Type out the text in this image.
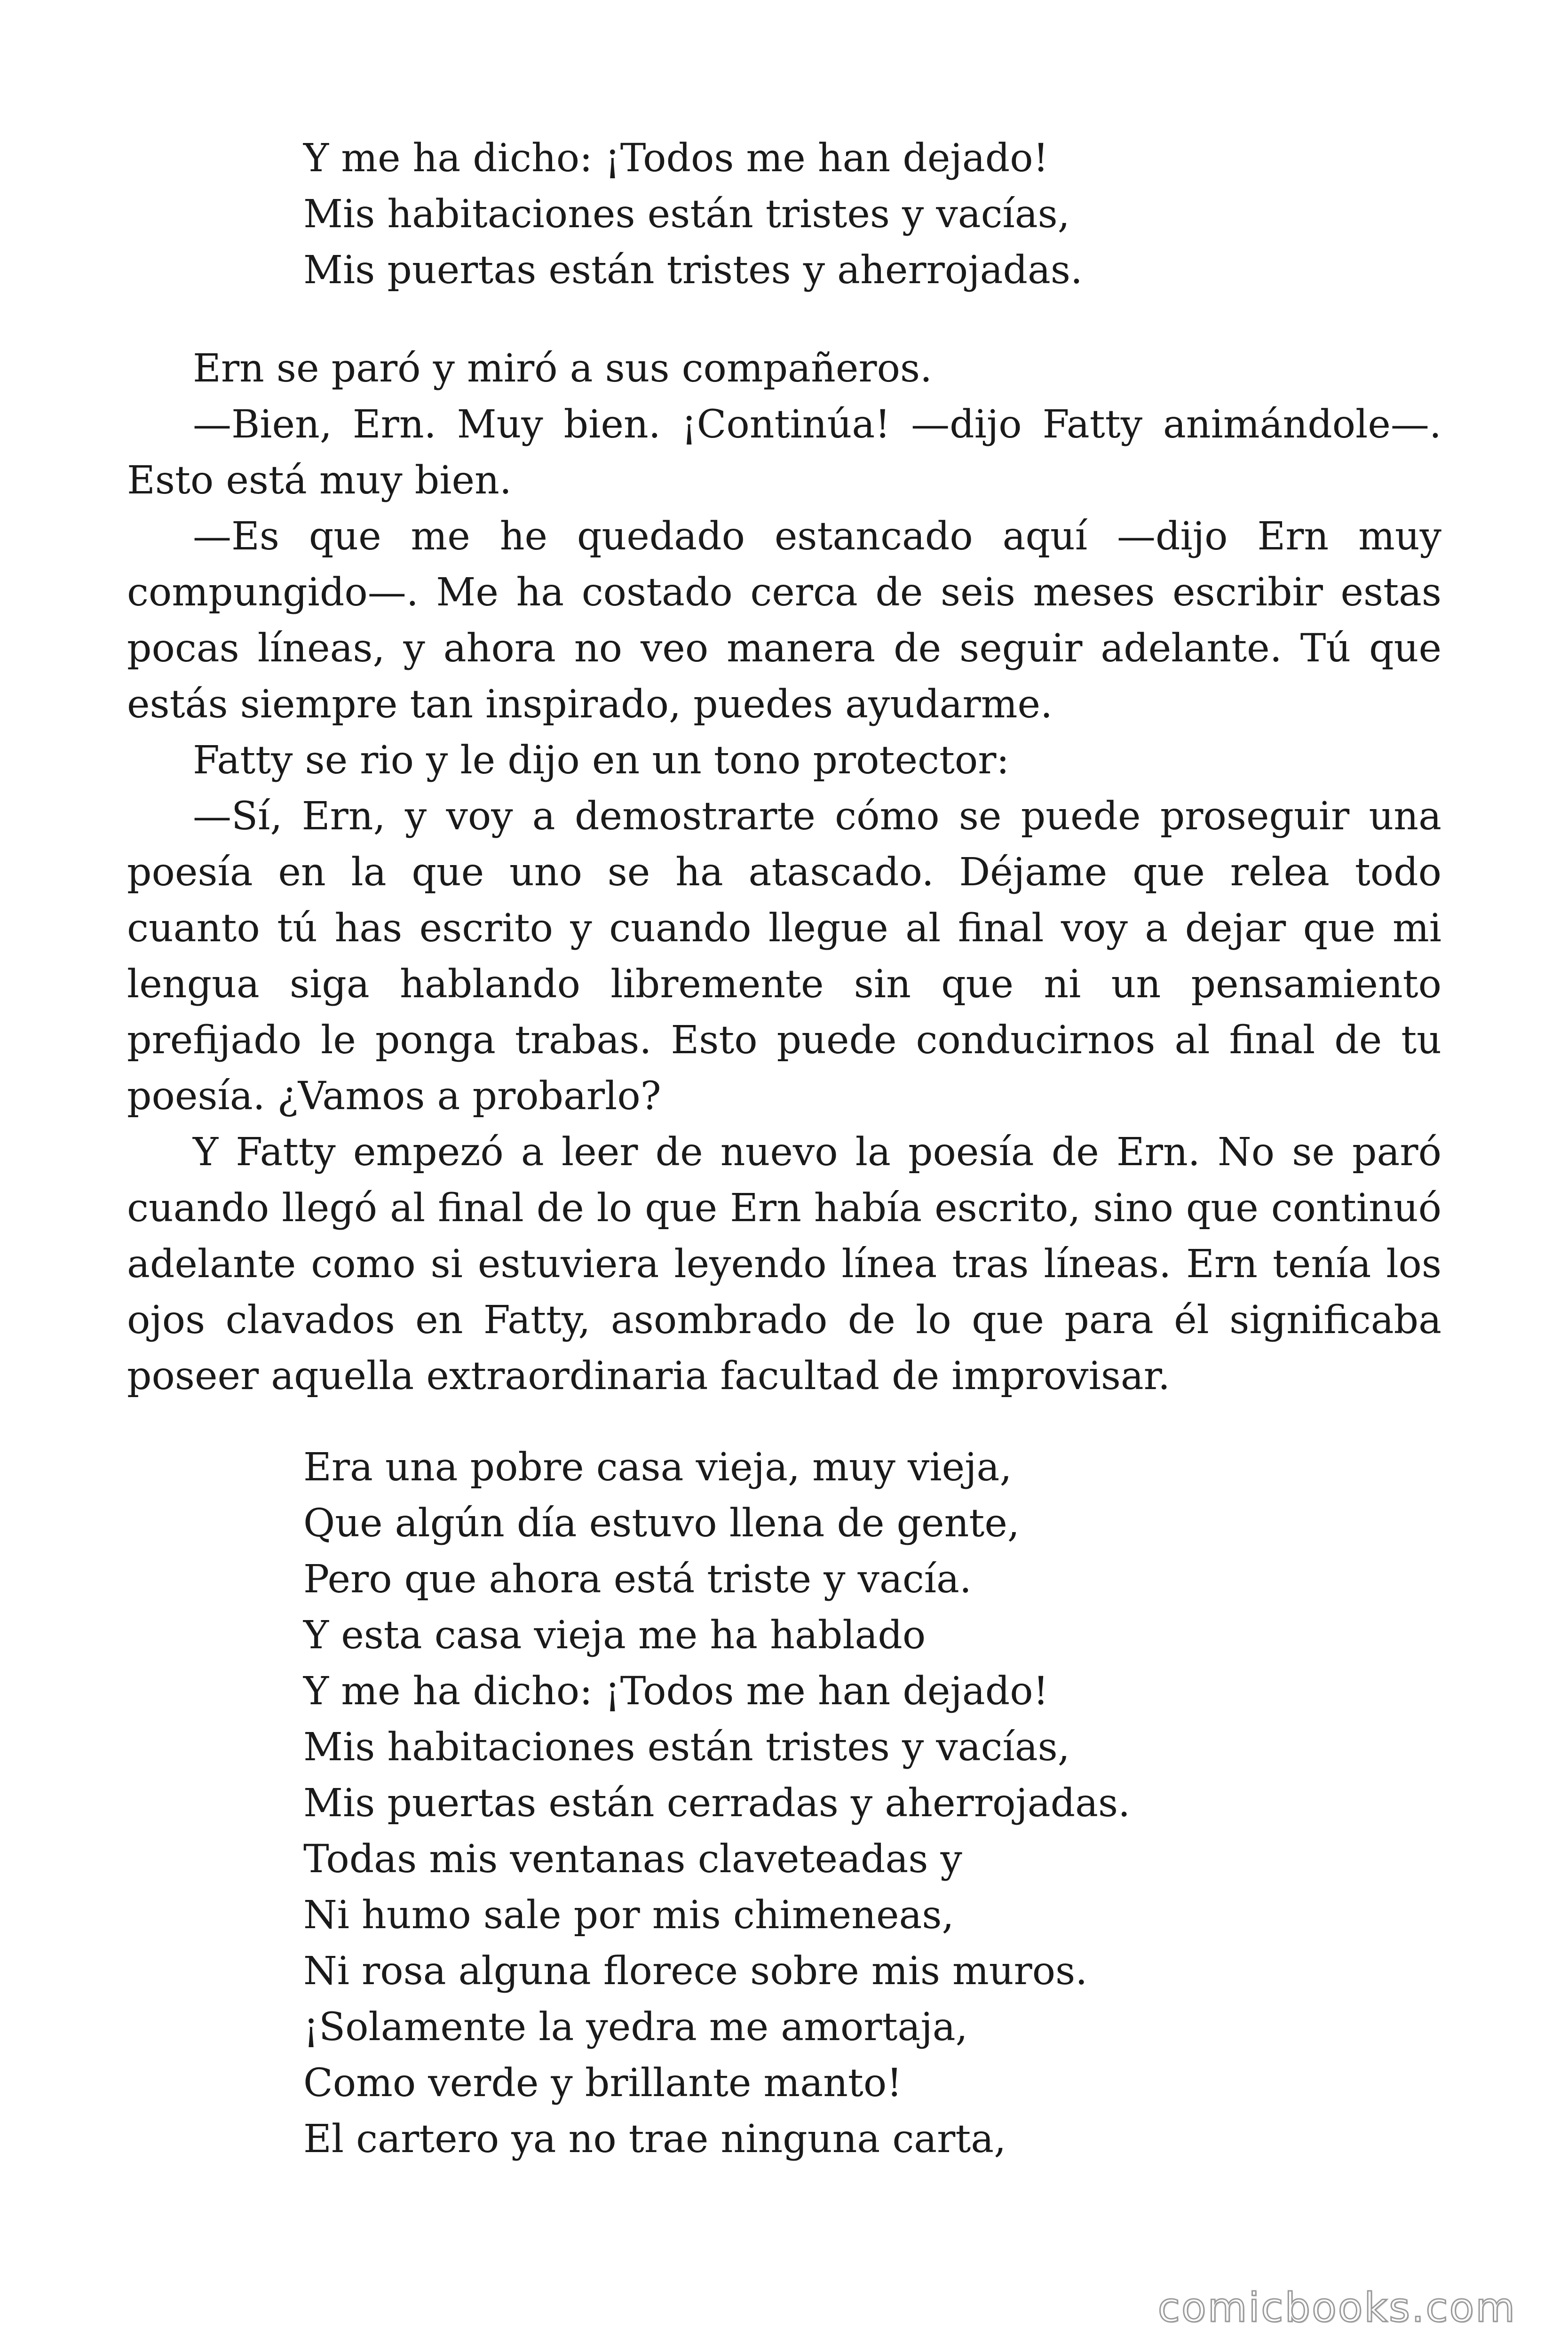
Y me ha dicho: ¡Todos me han dejado!
Mis habitaciones están tristes y vacías,
Mis puertas están tristes y aherrojadas.

Ern se paró y miró a sus compañeros.

—Bien, Ern. Muy bien. ¡Continúa! —dijo Fatty animándole—. Esto está muy bien.

—Es que me he quedado estancado aquí —dijo Ern muy compungido—. Me ha costado cerca de seis meses escribir estas pocas líneas, y ahora no veo manera de seguir adelante. Tú que estás siempre tan inspirado, puedes ayudarme.

Fatty se rio y le dijo en un tono protector:

—Sí, Ern, y voy a demostrarte cómo se puede proseguir una poesía en la que uno se ha atascado. Déjame que relea todo cuanto tú has escrito y cuando llegue al final voy a dejar que mi lengua siga hablando libremente sin que ni un pensamiento prefijado le ponga trabas. Esto puede conducirnos al final de tu poesía. ¿Vamos a probarlo?

Y Fatty empezó a leer de nuevo la poesía de Ern. No se paró cuando llegó al final de lo que Ern había escrito, sino que continuó adelante como si estuviera leyendo línea tras líneas. Ern tenía los ojos clavados en Fatty, asombrado de lo que para él significaba poseer aquella extraordinaria facultad de improvisar.

Era una pobre casa vieja, muy vieja,
Que algún día estuvo llena de gente,
Pero que ahora está triste y vacía.
Y esta casa vieja me ha hablado
Y me ha dicho: ¡Todos me han dejado!
Mis habitaciones están tristes y vacías,
Mis puertas están cerradas y aherrojadas.
Todas mis ventanas claveteadas y
Ni humo sale por mis chimeneas,
Ni rosa alguna florece sobre mis muros.
¡Solamente la yedra me amortaja,
Como verde y brillante manto!
El cartero ya no trae ninguna carta,
comicbooks.com
